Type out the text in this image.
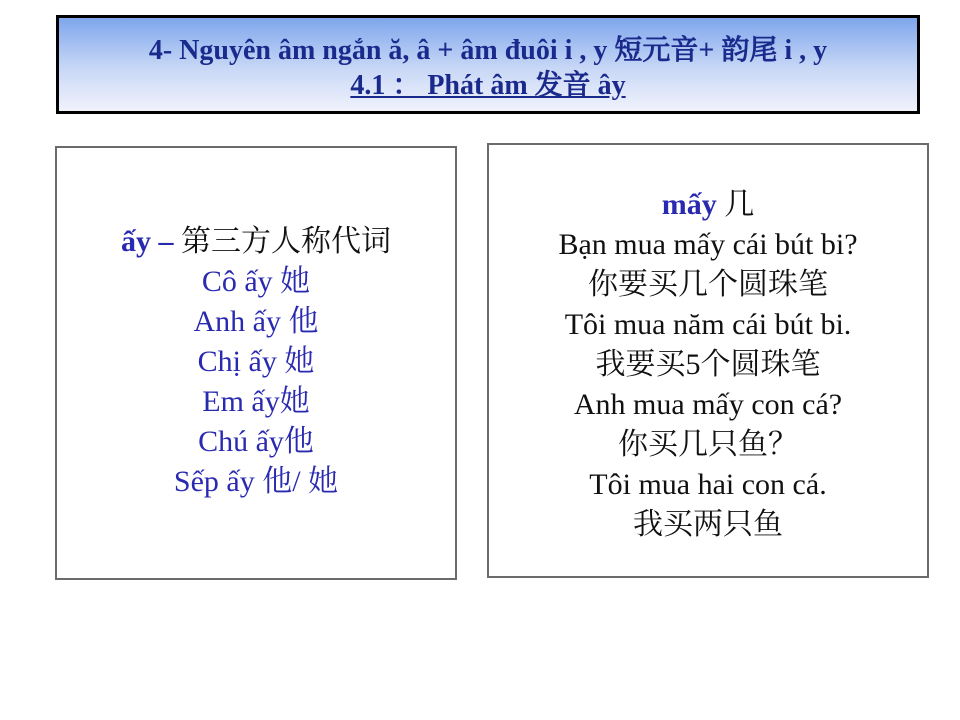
4- Nguyên âm ngắn ă, â + âm đuôi i , y 短元音+ 韵尾 i , y
4.1 ： Phát âm 发音 ây
ấy – 第三方人称代词
Cô ấy 她
Anh ấy 他
Chị ấy 她
Em ấy她
Chú ấy他
Sếp ấy 他/ 她
mấy 几
Bạn mua mấy cái bút bi?
你要买几个圆珠笔
Tôi mua năm cái bút bi.
我要买5个圆珠笔
Anh mua mấy con cá?
你买几只鱼？
Tôi mua hai con cá.
我买两只鱼
